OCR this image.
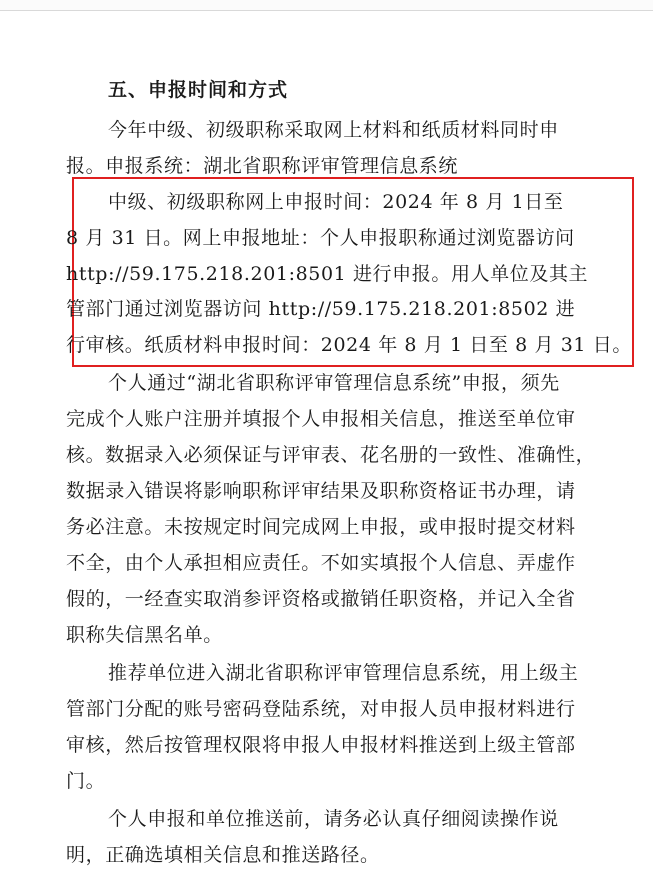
五、申报时间和方式
今年中级、初级职称采取网上材料和纸质材料同时申
报。申报系统：湖北省职称评审管理信息系统
中级、初级职称网上申报时间：2024 年 8 月 1日至
8 月 31 日。网上申报地址：个人申报职称通过浏览器访问
http://59.175.218.201:8501 进行申报。用人单位及其主
管部门通过浏览器访问 http://59.175.218.201:8502 进
行审核。纸质材料申报时间：2024 年 8 月 1 日至 8 月 31 日。
个人通过“湖北省职称评审管理信息系统”申报，须先
完成个人账户注册并填报个人申报相关信息，推送至单位审
核。数据录入必须保证与评审表、花名册的一致性、准确性，
数据录入错误将影响职称评审结果及职称资格证书办理，请
务必注意。未按规定时间完成网上申报，或申报时提交材料
不全，由个人承担相应责任。不如实填报个人信息、弄虚作
假的，一经查实取消参评资格或撤销任职资格，并记入全省
职称失信黑名单。
推荐单位进入湖北省职称评审管理信息系统，用上级主
管部门分配的账号密码登陆系统，对申报人员申报材料进行
审核，然后按管理权限将申报人申报材料推送到上级主管部
门。
个人申报和单位推送前，请务必认真仔细阅读操作说
明，正确选填相关信息和推送路径。
